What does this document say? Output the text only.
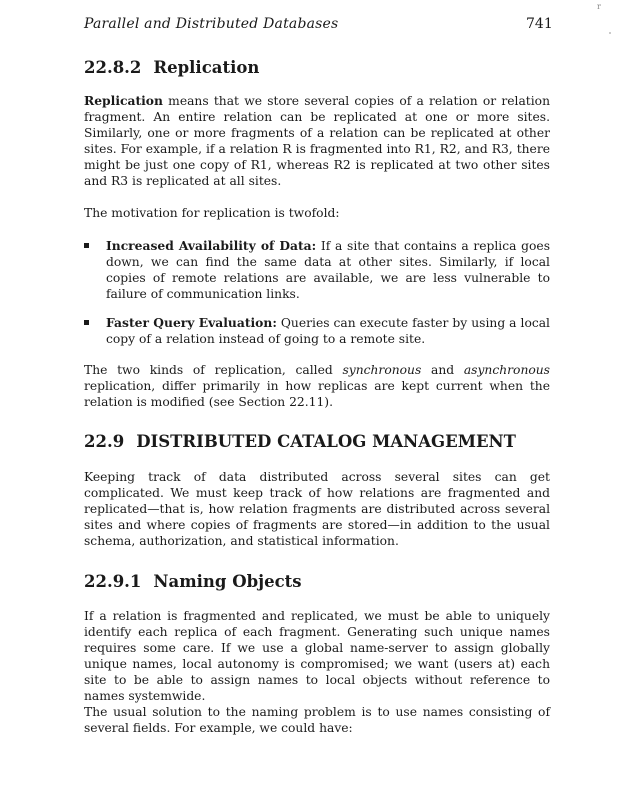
Parallel and Distributed Databases	741
r
22.8.2 Replication
Replication means that we store several copies of a relation or relation fragment. An entire relation can be replicated at one or more sites. Similarly, one or more fragments of a relation can be replicated at other sites. For example, if a relation R is fragmented into R1, R2, and R3, there might be just one copy of R1, whereas R2 is replicated at two other sites and R3 is replicated at all sites.
The motivation for replication is twofold:
Increased Availability of Data: If a site that contains a replica goes down, we can find the same data at other sites. Similarly, if local copies of remote relations are available, we are less vulnerable to failure of communication links.
Faster Query Evaluation: Queries can execute faster by using a local copy of a relation instead of going to a remote site.
The two kinds of replication, called synchronous and asynchronous replication, differ primarily in how replicas are kept current when the relation is modified (see Section 22.11).
22.9 DISTRIBUTED CATALOG MANAGEMENT
Keeping track of data distributed across several sites can get complicated. We must keep track of how relations are fragmented and replicated—that is, how relation fragments are distributed across several sites and where copies of fragments are stored—in addition to the usual schema, authorization, and statistical information.
22.9.1 Naming Objects
If a relation is fragmented and replicated, we must be able to uniquely identify each replica of each fragment. Generating such unique names requires some care. If we use a global name-server to assign globally unique names, local autonomy is compromised; we want (users at) each site to be able to assign names to local objects without reference to names systemwide.
The usual solution to the naming problem is to use names consisting of several fields. For example, we could have:
